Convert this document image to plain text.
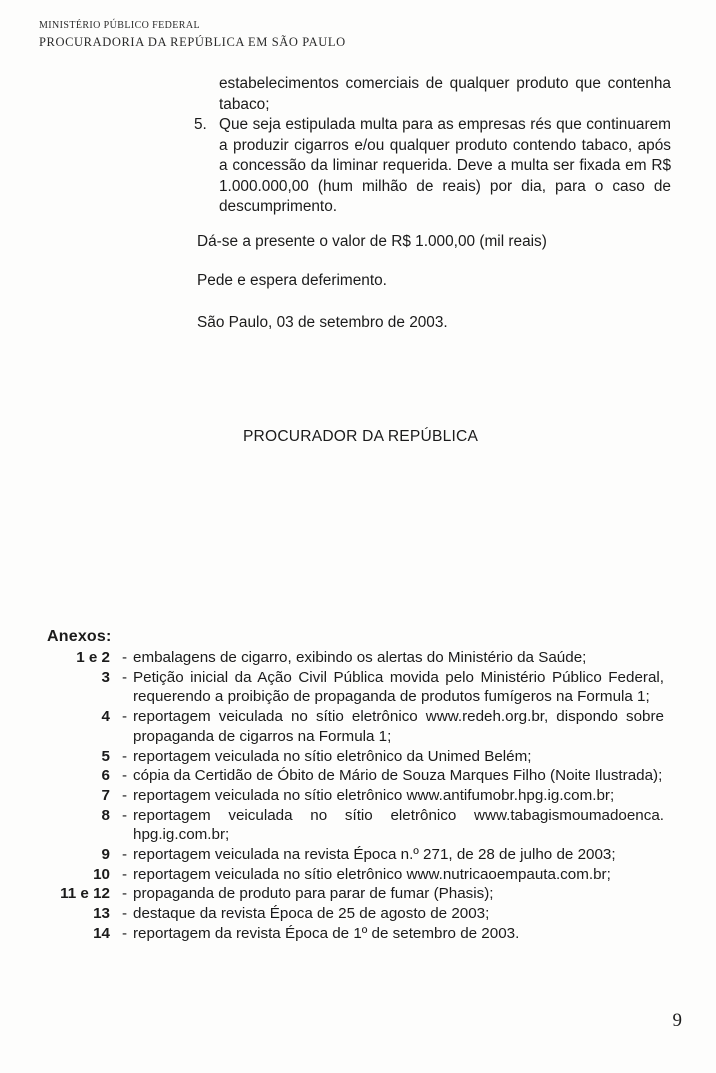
MINISTÉRIO PÚBLICO FEDERAL
PROCURADORIA DA REPÚBLICA EM SÃO PAULO
estabelecimentos comerciais de qualquer produto que contenha tabaco;
5. Que seja estipulada multa para as empresas rés que continuarem a produzir cigarros e/ou qualquer produto contendo tabaco, após a concessão da liminar requerida. Deve a multa ser fixada em R$ 1.000.000,00 (hum milhão de reais) por dia, para o caso de descumprimento.
Dá-se a presente o valor de R$ 1.000,00 (mil reais)
Pede e espera deferimento.
São Paulo, 03 de setembro de 2003.
PROCURADOR DA REPÚBLICA
Anexos:
1 e 2 - embalagens de cigarro, exibindo os alertas do Ministério da Saúde;
3 - Petição inicial da Ação Civil Pública movida pelo Ministério Público Federal, requerendo a proibição de propaganda de produtos fumígeros na Formula 1;
4 - reportagem veiculada no sítio eletrônico www.redeh.org.br, dispondo sobre propaganda de cigarros na Formula 1;
5 - reportagem veiculada no sítio eletrônico da Unimed Belém;
6 - cópia da Certidão de Óbito de Mário de Souza Marques Filho (Noite Ilustrada);
7 - reportagem veiculada no sítio eletrônico www.antifumobr.hpg.ig.com.br;
8 - reportagem veiculada no sítio eletrônico www.tabagismoumadoenca. hpg.ig.com.br;
9 - reportagem veiculada na revista Época n.º 271, de 28 de julho de 2003;
10 - reportagem veiculada no sítio eletrônico www.nutricaoempauta.com.br;
11 e 12 - propaganda de produto para parar de fumar (Phasis);
13 - destaque da revista Época de 25 de agosto de 2003;
14 - reportagem da revista Época de 1º de setembro de 2003.
9
